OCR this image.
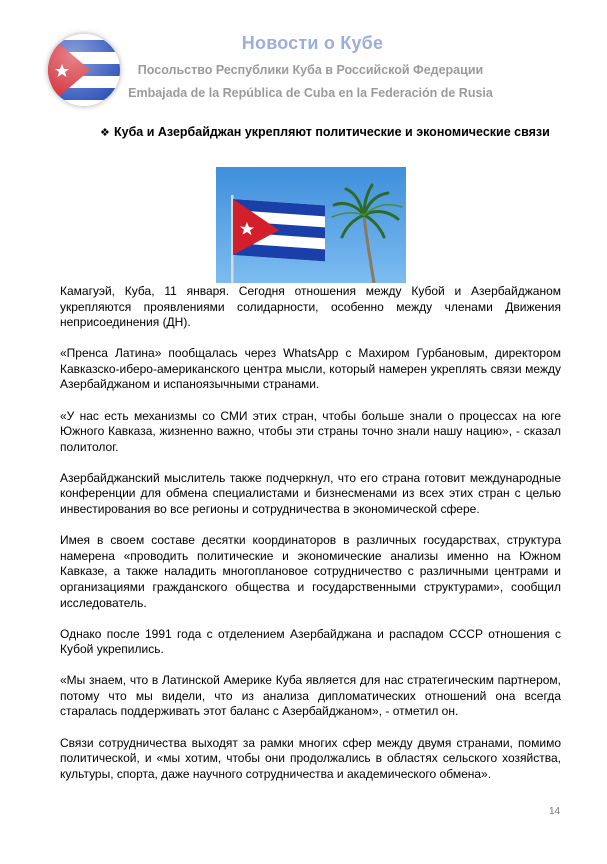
Новости о Кубе
Посольство Республики Куба в Российской Федерации
Embajada de la República de Cuba en la Federación de Rusia
❖ Куба и Азербайджан укрепляют политические и экономические связи

Камагуэй, Куба, 11 января. Сегодня отношения между Кубой и Азербайджаном укрепляются проявлениями солидарности, особенно между членами Движения неприсоединения (ДН).

«Пренса Латина» пообщалась через WhatsApp с Махиром Гурбановым, директором Кавказско-иберо-американского центра мысли, который намерен укреплять связи между Азербайджаном и испаноязычными странами.

«У нас есть механизмы со СМИ этих стран, чтобы больше знали о процессах на юге Южного Кавказа, жизненно важно, чтобы эти страны точно знали нашу нацию», - сказал политолог.

Азербайджанский мыслитель также подчеркнул, что его страна готовит международные конференции для обмена специалистами и бизнесменами из всех этих стран с целью инвестирования во все регионы и сотрудничества в экономической сфере.

Имея в своем составе десятки координаторов в различных государствах, структура намерена «проводить политические и экономические анализы именно на Южном Кавказе, а также наладить многоплановое сотрудничество с различными центрами и организациями гражданского общества и государственными структурами», сообщил исследователь.

Однако после 1991 года с отделением Азербайджана и распадом СССР отношения с Кубой укрепились.

«Мы знаем, что в Латинской Америке Куба является для нас стратегическим партнером, потому что мы видели, что из анализа дипломатических отношений она всегда старалась поддерживать этот баланс с Азербайджаном», - отметил он.

Связи сотрудничества выходят за рамки многих сфер между двумя странами, помимо политической, и «мы хотим, чтобы они продолжались в областях сельского хозяйства, культуры, спорта, даже научного сотрудничества и академического обмена».

14
